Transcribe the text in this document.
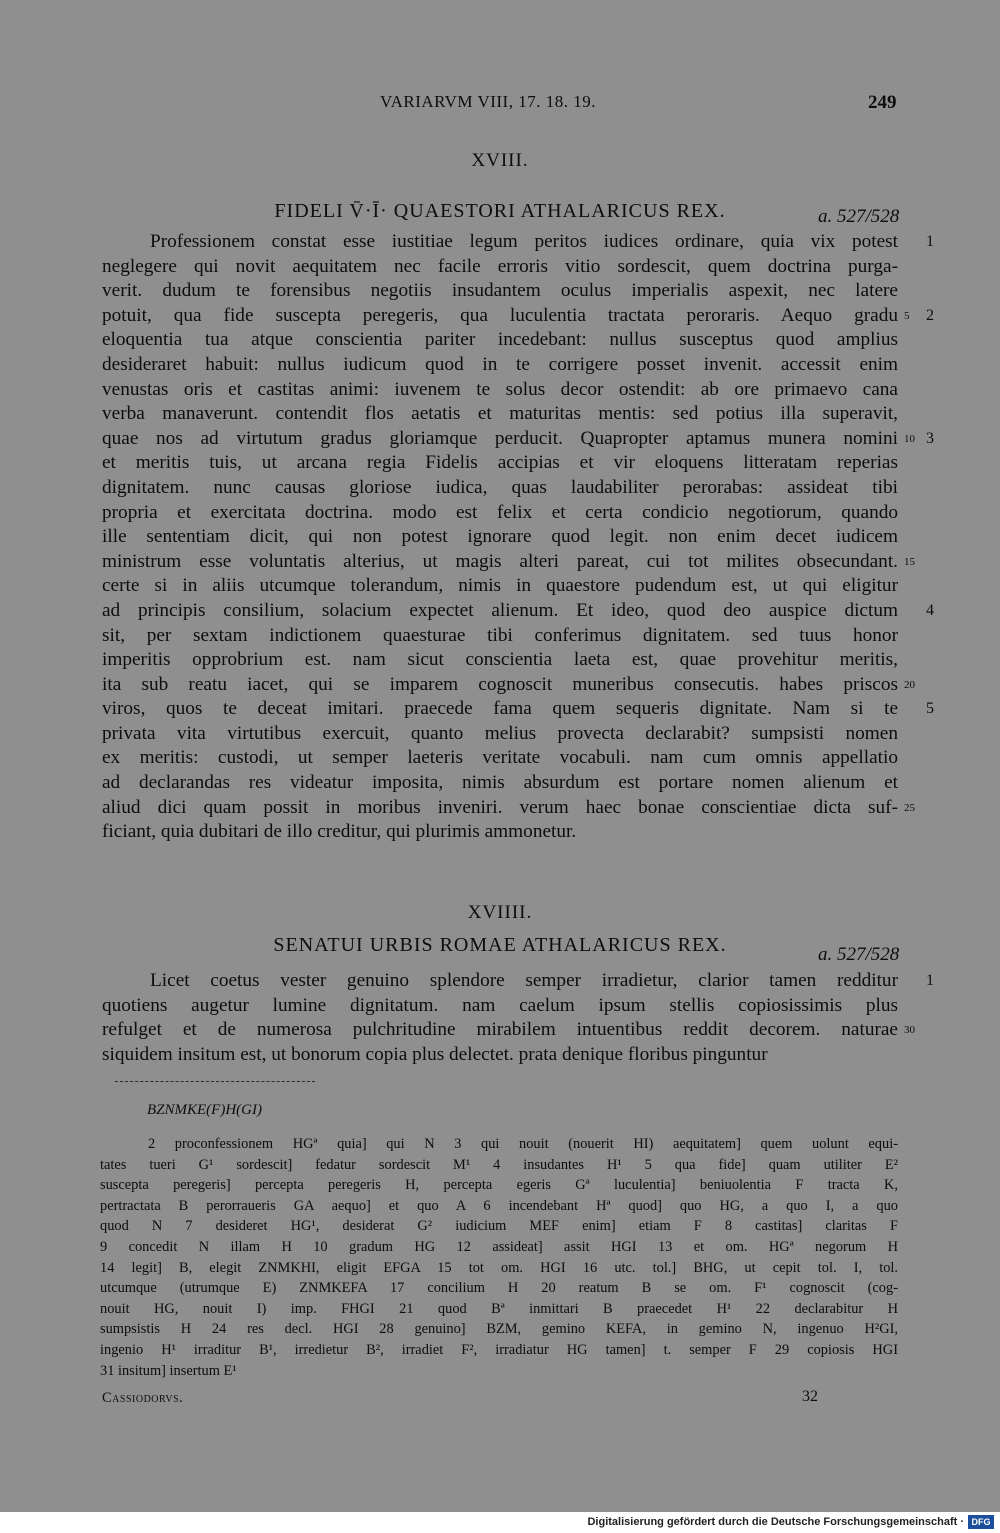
VARIARVM VIII, 17. 18. 19.	249
XVIII.
FIDELI V̄·Ī· QUAESTORI ATHALARICUS REX.	a. 527/528
Professionem constat esse iustitiae legum peritos iudices ordinare, quia vix potest
neglegere qui novit aequitatem nec facile erroris vitio sordescit, quem doctrina purga-
verit. dudum te forensibus negotiis insudantem oculus imperialis aspexit, nec latere
potuit, qua fide suscepta peregeris, qua luculentia tractata peroraris. Aequo gradu
eloquentia tua atque conscientia pariter incedebant: nullus susceptus quod amplius
desideraret habuit: nullus iudicum quod in te corrigere posset invenit. accessit enim
venustas oris et castitas animi: iuvenem te solus decor ostendit: ab ore primaevo cana
verba manaverunt. contendit flos aetatis et maturitas mentis: sed potius illa superavit,
quae nos ad virtutum gradus gloriamque perducit. Quapropter aptamus munera nomini
et meritis tuis, ut arcana regia Fidelis accipias et vir eloquens litteratam reperias
dignitatem. nunc causas gloriose iudica, quas laudabiliter perorabas: assideat tibi
propria et exercitata doctrina. modo est felix et certa condicio negotiorum, quando
ille sententiam dicit, qui non potest ignorare quod legit. non enim decet iudicem
ministrum esse voluntatis alterius, ut magis alteri pareat, cui tot milites obsecundant.
certe si in aliis utcumque tolerandum, nimis in quaestore pudendum est, ut qui eligitur
ad principis consilium, solacium expectet alienum. Et ideo, quod deo auspice dictum
sit, per sextam indictionem quaesturae tibi conferimus dignitatem. sed tuus honor
imperitis opprobrium est. nam sicut conscientia laeta est, quae provehitur meritis,
ita sub reatu iacet, qui se imparem cognoscit muneribus consecutis. habes priscos
viros, quos te deceat imitari. praecede fama quem sequeris dignitate. Nam si te
privata vita virtutibus exercuit, quanto melius provecta declarabit? sumpsisti nomen
ex meritis: custodi, ut semper laeteris veritate vocabuli. nam cum omnis appellatio
ad declarandas res videatur imposita, nimis absurdum est portare nomen alienum et
aliud dici quam possit in moribus inveniri. verum haec bonae conscientiae dicta suf-
ficiant, quia dubitari de illo creditur, qui plurimis ammonetur.
5
10
15
20
25
1
2
3
4
5
XVIIII.
SENATUI URBIS ROMAE ATHALARICUS REX.	a. 527/528
Licet coetus vester genuino splendore semper irradietur, clarior tamen redditur
quotiens augetur lumine dignitatum. nam caelum ipsum stellis copiosissimis plus
refulget et de numerosa pulchritudine mirabilem intuentibus reddit decorem. naturae
siquidem insitum est, ut bonorum copia plus delectet. prata denique floribus pinguntur
30
1
BZNMKE(F)H(GI)
2 proconfessionem HGª quia] qui N 3 qui nouit (nouerit HI) aequitatem] quem uolunt equi-
tates tueri G¹ sordescit] fedatur sordescit M¹ 4 insudantes H¹ 5 qua fide] quam utiliter E²
suscepta peregeris] percepta peregeris H, percepta egeris Gª luculentia] beniuolentia F tracta K,
pertractata B perorraueris GA aequo] et quo A 6 incendebant Hª quod] quo HG, a quo I, a quo
quod N 7 desideret HG¹, desiderat G² iudicium MEF enim] etiam F 8 castitas] claritas F
9 concedit N illam H 10 gradum HG 12 assideat] assit HGI 13 et om. HGª negorum H
14 legit] B, elegit ZNMKHI, eligit EFGA 15 tot om. HGI 16 utc. tol.] BHG, ut cepit tol. I, tol.
utcumque (utrumque E) ZNMKEFA 17 concilium H 20 reatum B se om. F¹ cognoscit (cog-
nouit HG, nouit I) imp. FHGI 21 quod Bª inmittari B praecedet H¹ 22 declarabitur H
sumpsistis H 24 res decl. HGI 28 genuino] BZM, gemino KEFA, in gemino N, ingenuo H²GI,
ingenio H¹ irraditur B¹, irredietur B², irradiet F², irradiatur HG tamen] t. semper F 29 copiosis HGI
31 insitum] insertum E¹
Cassiodorvs.	32
Digitalisierung gefördert durch die Deutsche Forschungsgemeinschaft · DFG
